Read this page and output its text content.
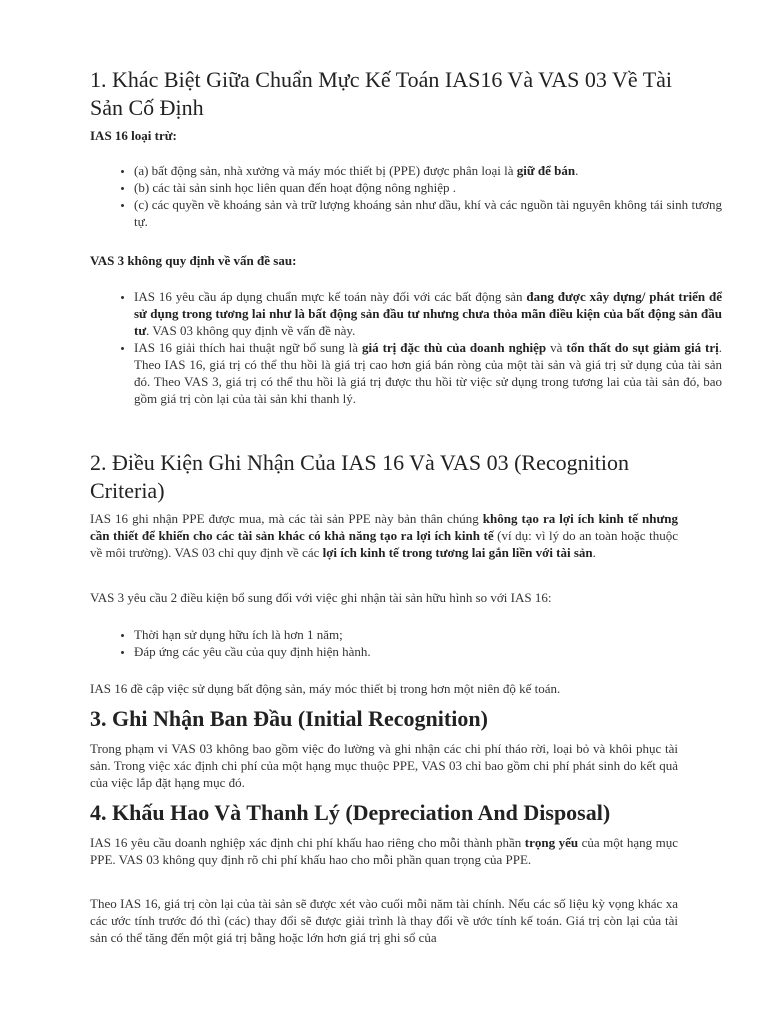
1. Khác Biệt Giữa Chuẩn Mực Kế Toán IAS16 Và VAS 03 Về Tài Sản Cố Định

IAS 16 loại trừ:

• (a) bất động sản, nhà xưởng và máy móc thiết bị (PPE) được phân loại là giữ để bán.
• (b) các tài sản sinh học liên quan đến hoạt động nông nghiệp .
• (c) các quyền về khoáng sản và trữ lượng khoáng sản như dầu, khí và các nguồn tài nguyên không tái sinh tương tự.

VAS 3 không quy định về vấn đề sau:

• IAS 16 yêu cầu áp dụng chuẩn mực kế toán này đối với các bất động sản đang được xây dựng/ phát triển để sử dụng trong tương lai như là bất động sản đầu tư nhưng chưa thỏa mãn điều kiện của bất động sản đầu tư. VAS 03 không quy định về vấn đề này.
• IAS 16 giải thích hai thuật ngữ bổ sung là giá trị đặc thù của doanh nghiệp và tổn thất do sụt giảm giá trị. Theo IAS 16, giá trị có thể thu hồi là giá trị cao hơn giá bán ròng của một tài sản và giá trị sử dụng của tài sản đó. Theo VAS 3, giá trị có thể thu hồi là giá trị được thu hồi từ việc sử dụng trong tương lai của tài sản đó, bao gồm giá trị còn lại của tài sản khi thanh lý.
2. Điều Kiện Ghi Nhận Của IAS 16 Và VAS 03 (Recognition Criteria)

IAS 16 ghi nhận PPE được mua, mà các tài sản PPE này bản thân chúng không tạo ra lợi ích kinh tế nhưng cần thiết để khiến cho các tài sản khác có khả năng tạo ra lợi ích kinh tế (ví dụ: vì lý do an toàn hoặc thuộc về môi trường). VAS 03 chỉ quy định về các lợi ích kinh tế trong tương lai gắn liền với tài sản.

VAS 3 yêu cầu 2 điều kiện bổ sung đối với việc ghi nhận tài sản hữu hình so với IAS 16:

• Thời hạn sử dụng hữu ích là hơn 1 năm;
• Đáp ứng các yêu cầu của quy định hiện hành.

IAS 16 đề cập việc sử dụng bất động sản, máy móc thiết bị trong hơn một niên độ kế toán.

3. Ghi Nhận Ban Đầu (Initial Recognition)

Trong phạm vi VAS 03 không bao gồm việc đo lường và ghi nhận các chi phí tháo rời, loại bỏ và khôi phục tài sản. Trong việc xác định chi phí của một hạng mục thuộc PPE, VAS 03 chỉ bao gồm chi phí phát sinh do kết quả của việc lắp đặt hạng mục đó.

4. Khấu Hao Và Thanh Lý (Depreciation And Disposal)

IAS 16 yêu cầu doanh nghiệp xác định chi phí khấu hao riêng cho mỗi thành phần trọng yếu của một hạng mục PPE. VAS 03 không quy định rõ chi phí khấu hao cho mỗi phần quan trọng của PPE.

Theo IAS 16, giá trị còn lại của tài sản sẽ được xét vào cuối mỗi năm tài chính. Nếu các số liệu kỳ vọng khác xa các ước tính trước đó thì (các) thay đổi sẽ được giải trình là thay đổi về ước tính kế toán. Giá trị còn lại của tài sản có thể tăng đến một giá trị bằng hoặc lớn hơn giá trị ghi sổ của
